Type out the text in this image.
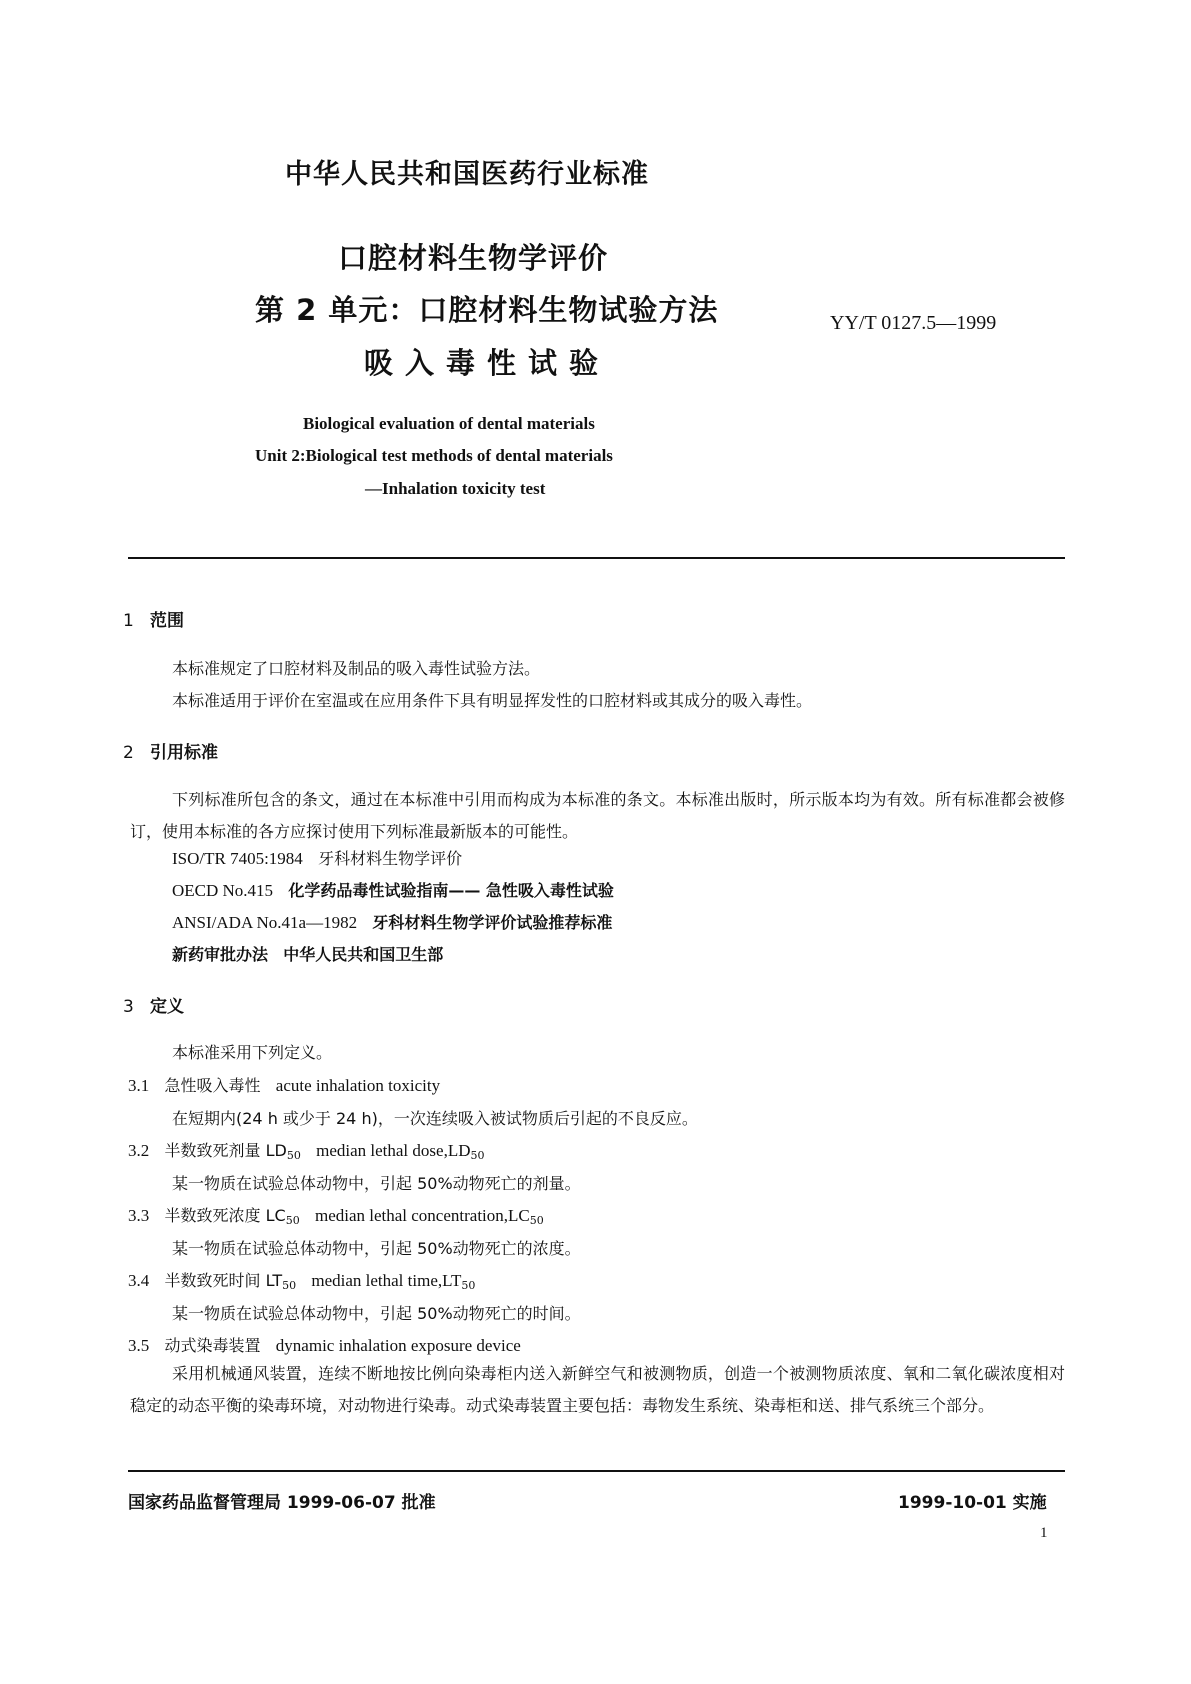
中华人民共和国医药行业标准
口腔材料生物学评价
第 2 单元：口腔材料生物试验方法
吸入毒性试验
YY/T 0127.5—1999
Biological evaluation of dental materials
Unit 2:Biological test methods of dental materials
—Inhalation toxicity test
1 范围
本标准规定了口腔材料及制品的吸入毒性试验方法。
本标准适用于评价在室温或在应用条件下具有明显挥发性的口腔材料或其成分的吸入毒性。
2 引用标准
下列标准所包含的条文，通过在本标准中引用而构成为本标准的条文。本标准出版时，所示版本均为有效。所有标准都会被修订，使用本标准的各方应探讨使用下列标准最新版本的可能性。
ISO/TR 7405:1984 牙科材料生物学评价
OECD No.415 化学药品毒性试验指南—— 急性吸入毒性试验
ANSI/ADA No.41a—1982 牙科材料生物学评价试验推荐标准
新药审批办法 中华人民共和国卫生部
3 定义
本标准采用下列定义。
3.1 急性吸入毒性 acute inhalation toxicity
在短期内(24 h 或少于 24 h)，一次连续吸入被试物质后引起的不良反应。
3.2 半数致死剂量 $LD_{50}$ median lethal $dose,LD_{50}$
某一物质在试验总体动物中，引起 50%动物死亡的剂量。
3.3 半数致死浓度 $LC_{50}$ median lethal $concentration,LC_{50}$
某一物质在试验总体动物中，引起 50%动物死亡的浓度。
3.4 半数致死时间 $LT_{50}$ median lethal $time,LT_{50}$
某一物质在试验总体动物中，引起 50%动物死亡的时间。
3.5 动式染毒装置 dynamic inhalation exposure device
采用机械通风装置，连续不断地按比例向染毒柜内送入新鲜空气和被测物质，创造一个被测物质浓度、氧和二氧化碳浓度相对稳定的动态平衡的染毒环境，对动物进行染毒。动式染毒装置主要包括：毒物发生系统、染毒柜和送、排气系统三个部分。
国家药品监督管理局 1999-06-07 批准	1999-10-01 实施
1
